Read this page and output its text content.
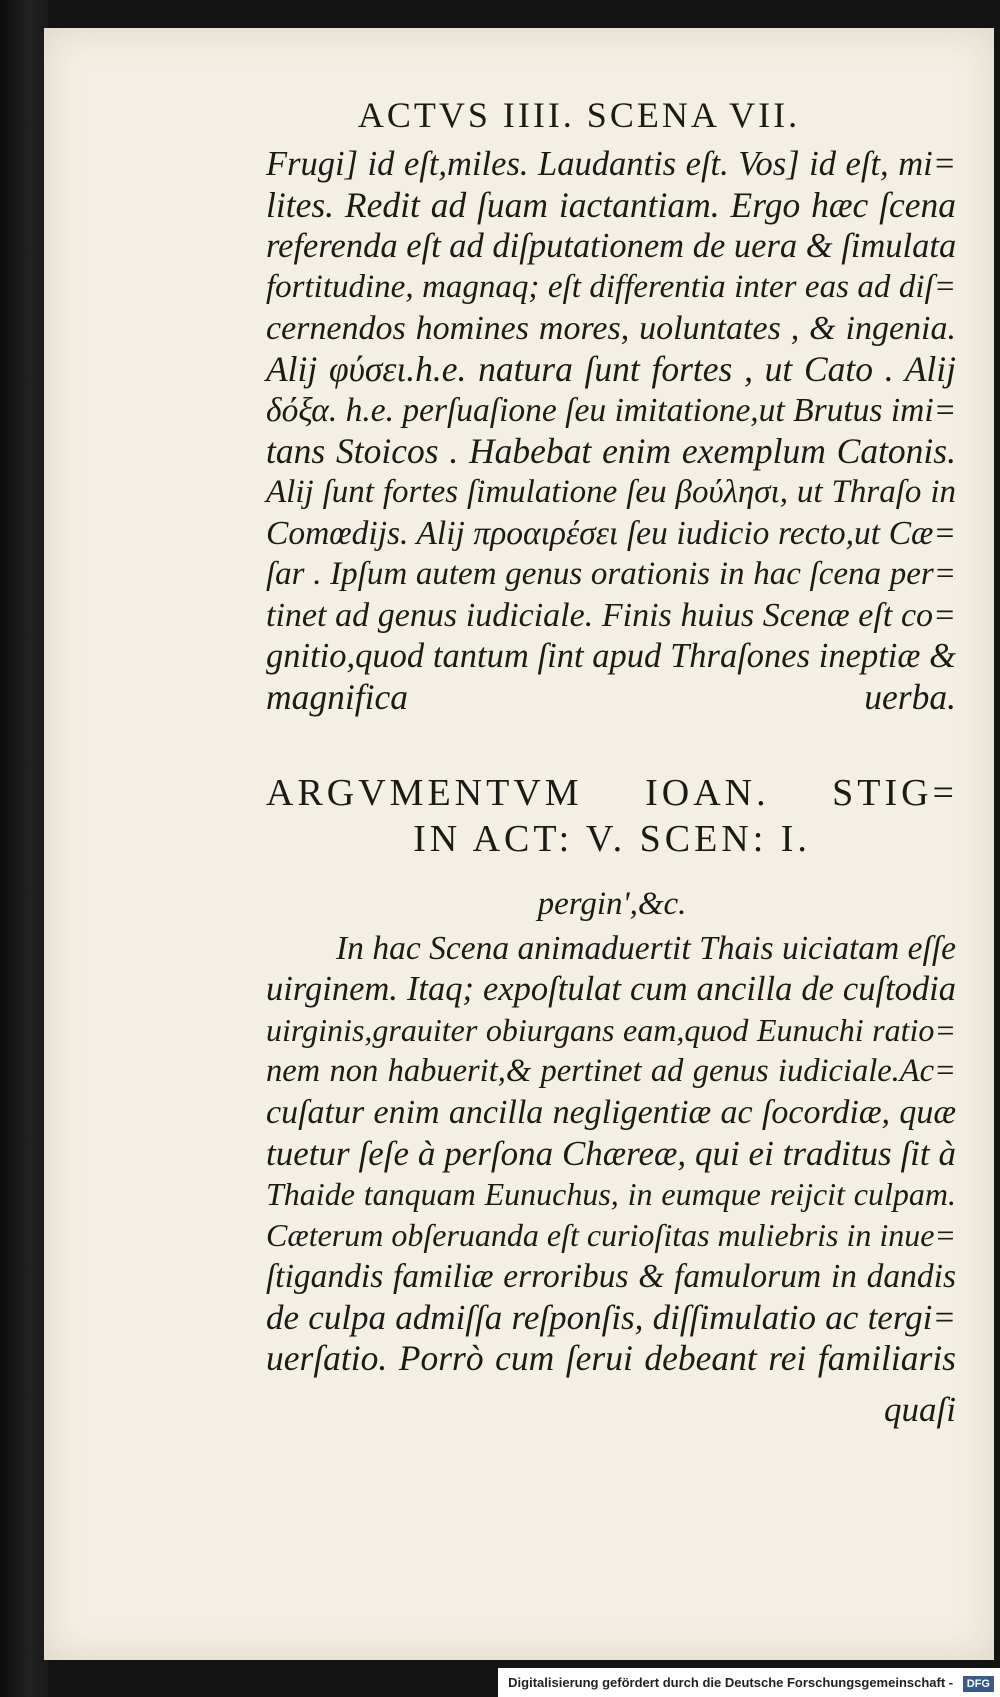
ACTVS IIII. SCENA VII.
Frugi] id eſt,miles. Laudantis eſt. Vos] id eſt, mi=
lites. Redit ad ſuam iactantiam. Ergo hæc ſcena
referenda eſt ad diſputationem de uera & ſimulata
fortitudine, magnaq; eſt differentia inter eas ad diſ=
cernendos homines mores, uoluntates , & ingenia.
Alij φύσει.h.e. natura ſunt fortes , ut Cato . Alij
δόξα. h.e. perſuaſione ſeu imitatione,ut Brutus imi=
tans Stoicos . Habebat enim exemplum Catonis.
Alij ſunt fortes ſimulatione ſeu βούλησι, ut Thraſo in
Comœdijs. Alij προαιρέσει ſeu iudicio recto,ut Cæ=
ſar . Ipſum autem genus orationis in hac ſcena per=
tinet ad genus iudiciale. Finis huius Scenæ eſt co=
gnitio,quod tantum ſint apud Thraſones ineptiæ &
magnifica uerba.
ARGVMENTVM IOAN. STIG=
IN ACT: V. SCEN: I.
pergin',&c.
In hac Scena animaduertit Thais uiciatam eſſe
uirginem. Itaq; expoſtulat cum ancilla de cuſtodia
uirginis,grauiter obiurgans eam,quod Eunuchi ratio=
nem non habuerit,& pertinet ad genus iudiciale.Ac=
cuſatur enim ancilla negligentiæ ac ſocordiæ, quæ
tuetur ſeſe à perſona Chæreæ, qui ei traditus ſit à
Thaide tanquam Eunuchus, in eumque reijcit culpam.
Cæterum obſeruanda eſt curioſitas muliebris in inue=
ſtigandis familiæ erroribus & famulorum in dandis
de culpa admiſſa reſponſis, diſſimulatio ac tergi=
uerſatio. Porrò cum ſerui debeant rei familiaris
quaſi
Digitalisierung gefördert durch die Deutsche Forschungsgemeinschaft - DFG
